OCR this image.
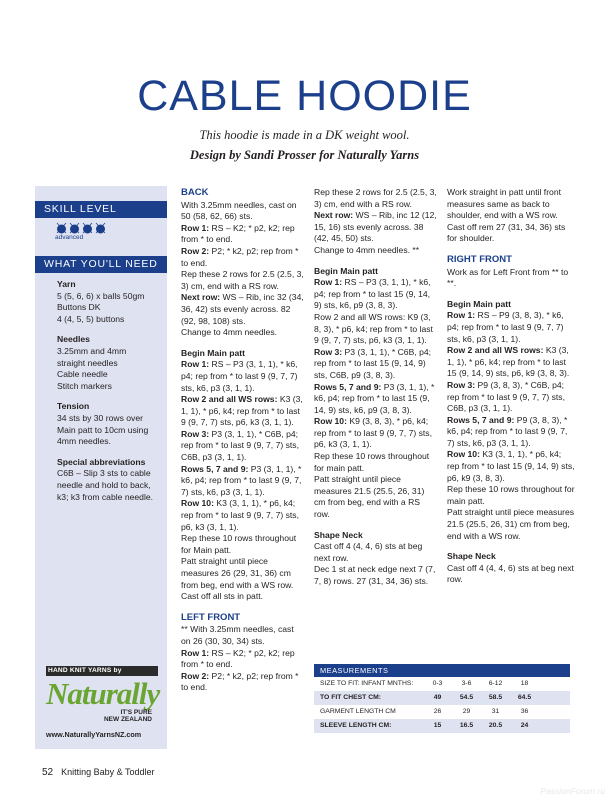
CABLE HOODIE
This hoodie is made in a DK weight wool.
Design by Sandi Prosser for Naturally Yarns
SKILL LEVEL
advanced
WHAT YOU'LL NEED
Yarn
5 (5, 6, 6) x balls 50gm
Buttons DK
4 (4, 5, 5) buttons
Needles
3.25mm and 4mm
straight needles
Cable needle
Stitch markers
Tension
34 sts by 30 rows over
Main patt to 10cm using
4mm needles.
Special abbreviations
C6B – Slip 3 sts to cable
needle and hold to back,
k3; k3 from cable needle.
HAND KNIT YARNS by
Naturally
IT'S PURE
NEW ZEALAND
www.NaturallyYarnsNZ.com
BACK

With 3.25mm needles, cast on 50 (58, 62, 66) sts.

Row 1: RS – K2; * p2, k2; rep from * to end.

Row 2: P2; * k2, p2; rep from * to end.

Rep these 2 rows for 2.5 (2.5, 3, 3) cm, end with a RS row.

Next row: WS – Rib, inc 32 (34, 36, 42) sts evenly across. 82 (92, 98, 108) sts.

Change to 4mm needles.

Begin Main patt

Row 1: RS – P3 (3, 1, 1), * k6, p4; rep from * to last 9 (9, 7, 7) sts, k6, p3 (3, 1, 1).

Row 2 and all WS rows: K3 (3, 1, 1), * p6, k4; rep from * to last 9 (9, 7, 7) sts, p6, k3 (3, 1, 1).

Row 3: P3 (3, 1, 1), * C6B, p4; rep from * to last 9 (9, 7, 7) sts, C6B, p3 (3, 1, 1).

Rows 5, 7 and 9: P3 (3, 1, 1), * k6, p4; rep from * to last 9 (9, 7, 7) sts, k6, p3 (3, 1, 1).

Row 10: K3 (3, 1, 1), * p6, k4; rep from * to last 9 (9, 7, 7) sts, p6, k3 (3, 1, 1).

Rep these 10 rows throughout for Main patt.

Patt straight until piece measures 26 (29, 31, 36) cm from beg, end with a WS row.

Cast off all sts in patt.

LEFT FRONT

** With 3.25mm needles, cast on 26 (30, 30, 34) sts.

Row 1: RS – K2; * p2, k2; rep from * to end.

Row 2: P2; * k2, p2; rep from * to end.

Rep these 2 rows for 2.5 (2.5, 3, 3) cm, end with a RS row.

Next row: WS – Rib, inc 12 (12, 15, 16) sts evenly across. 38 (42, 45, 50) sts.

Change to 4mm needles. **

Begin Main patt

Row 1: RS – P3 (3, 1, 1), * k6, p4; rep from * to last 15 (9, 14, 9) sts, k6, p9 (3, 8, 3).

Row 2 and all WS rows: K9 (3, 8, 3), * p6, k4; rep from * to last 9 (9, 7, 7) sts, p6, k3 (3, 1, 1).

Row 3: P3 (3, 1, 1), * C6B, p4; rep from * to last 15 (9, 14, 9) sts, C6B, p9 (3, 8, 3).

Rows 5, 7 and 9: P3 (3, 1, 1), * k6, p4; rep from * to last 15 (9, 14, 9) sts, k6, p9 (3, 8, 3).

Row 10: K9 (3, 8, 3), * p6, k4; rep from * to last 9 (9, 7, 7) sts, p6, k3 (3, 1, 1).

Rep these 10 rows throughout for main patt.

Patt straight until piece measures 21.5 (25.5, 26, 31) cm from beg, end with a RS row.

Shape Neck

Cast off 4 (4, 4, 6) sts at beg next row.

Dec 1 st at neck edge next 7 (7, 7, 8) rows. 27 (31, 34, 36) sts.

Work straight in patt until front measures same as back to shoulder, end with a WS row.

Cast off rem 27 (31, 34, 36) sts for shoulder.

RIGHT FRONT

Work as for Left Front from ** to **.

Begin Main patt

Row 1: RS – P9 (3, 8, 3), * k6, p4; rep from * to last 9 (9, 7, 7) sts, k6, p3 (3, 1, 1).

Row 2 and all WS rows: K3 (3, 1, 1), * p6, k4; rep from * to last 15 (9, 14, 9) sts, p6, k9 (3, 8, 3).

Row 3: P9 (3, 8, 3), * C6B, p4; rep from * to last 9 (9, 7, 7) sts, C6B, p3 (3, 1, 1).

Rows 5, 7 and 9: P9 (3, 8, 3), * k6, p4; rep from * to last 9 (9, 7, 7) sts, k6, p3 (3, 1, 1).

Row 10: K3 (3, 1, 1), * p6, k4; rep from * to last 15 (9, 14, 9) sts, p6, k9 (3, 8, 3).

Rep these 10 rows throughout for main patt.

Patt straight until piece measures 21.5 (25.5, 26, 31) cm from beg, end with a WS row.

Shape Neck

Cast off 4 (4, 4, 6) sts at beg next row.

MEASUREMENTS
SIZE TO FIT: INFANT MNTHS:	0-3	3-6	6-12	18
TO FIT CHEST CM:	49	54.5	58.5	64.5
GARMENT LENGTH CM	26	29	31	36
SLEEVE LENGTH CM:	15	16.5	20.5	24
52 Knitting Baby & Toddler
PassionForum.ru
